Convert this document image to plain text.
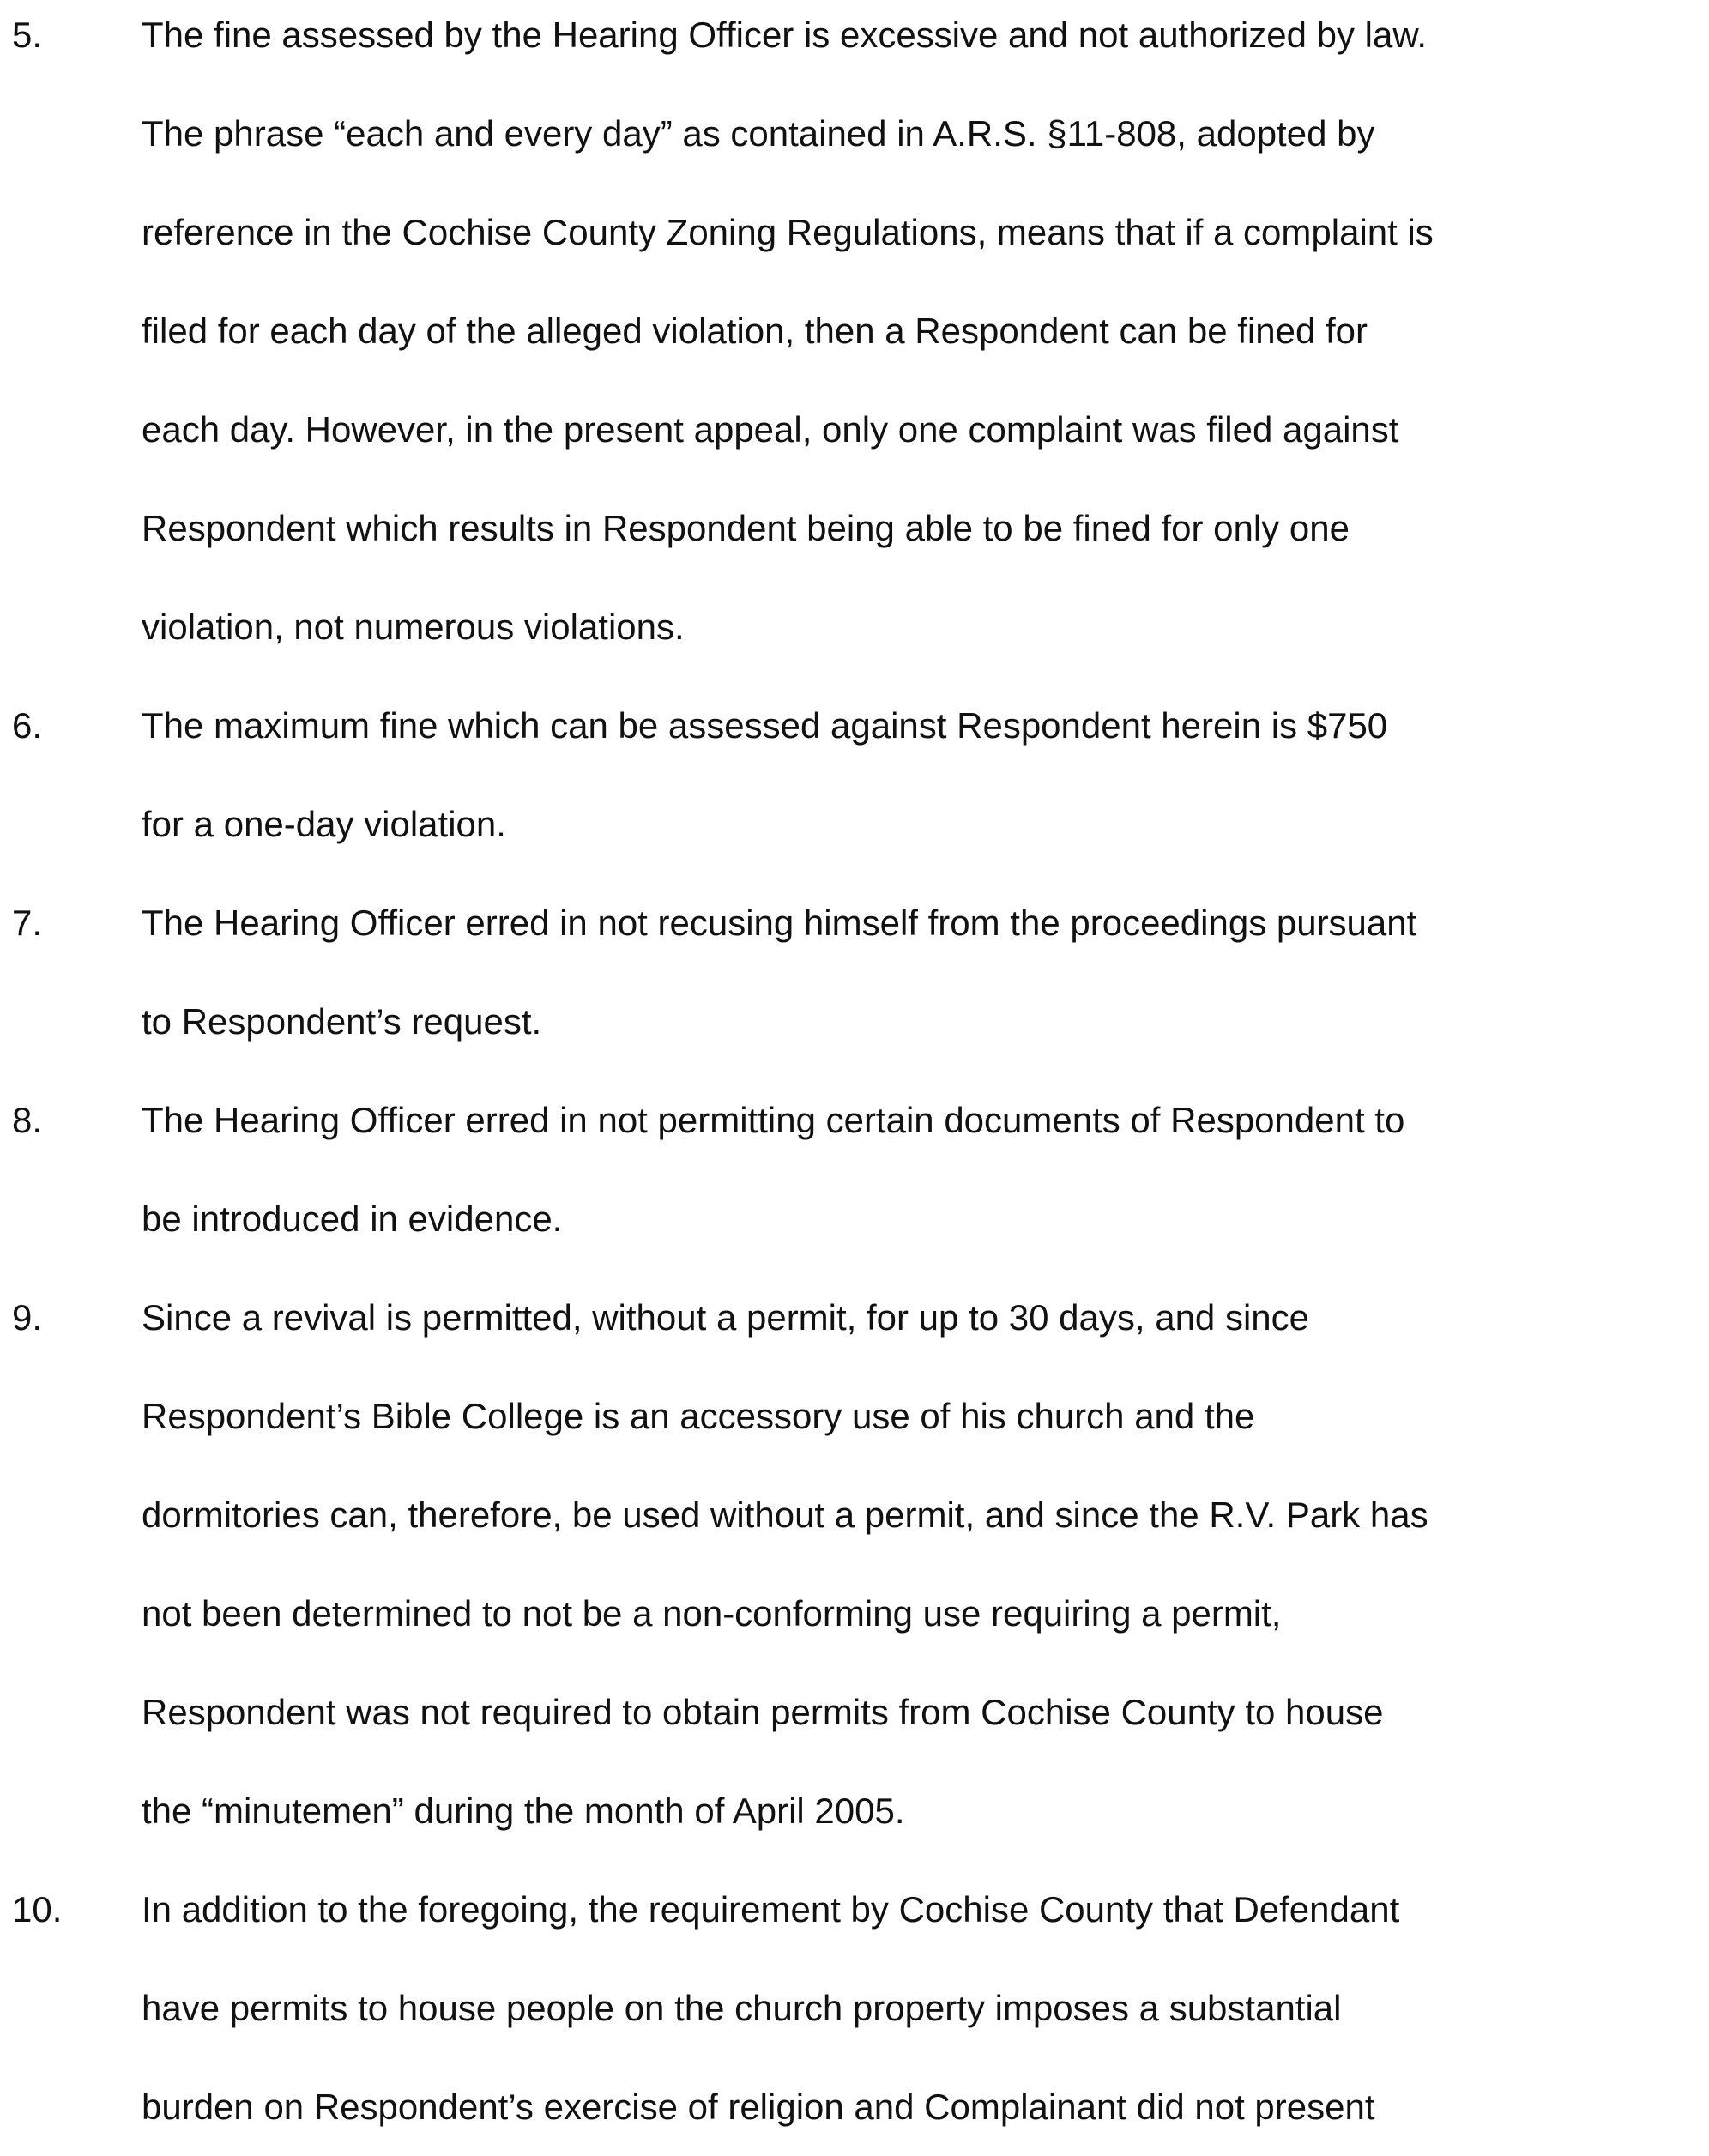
5.	The fine assessed by the Hearing Officer is excessive and not authorized by law.
The phrase “each and every day” as contained in A.R.S. §11-808, adopted by
reference in the Cochise County Zoning Regulations, means that if a complaint is
filed for each day of the alleged violation, then a Respondent can be fined for
each day. However, in the present appeal, only one complaint was filed against
Respondent which results in Respondent being able to be fined for only one
violation, not numerous violations.

6.	The maximum fine which can be assessed against Respondent herein is $750
for a one-day violation.

7.	The Hearing Officer erred in not recusing himself from the proceedings pursuant
to Respondent’s request.

8.	The Hearing Officer erred in not permitting certain documents of Respondent to
be introduced in evidence.

9.	Since a revival is permitted, without a permit, for up to 30 days, and since
Respondent’s Bible College is an accessory use of his church and the
dormitories can, therefore, be used without a permit, and since the R.V. Park has
not been determined to not be a non-conforming use requiring a permit,
Respondent was not required to obtain permits from Cochise County to house
the “minutemen” during the month of April 2005.

10. In addition to the foregoing, the requirement by Cochise County that Defendant
have permits to house people on the church property imposes a substantial
burden on Respondent’s exercise of religion and Complainant did not present
